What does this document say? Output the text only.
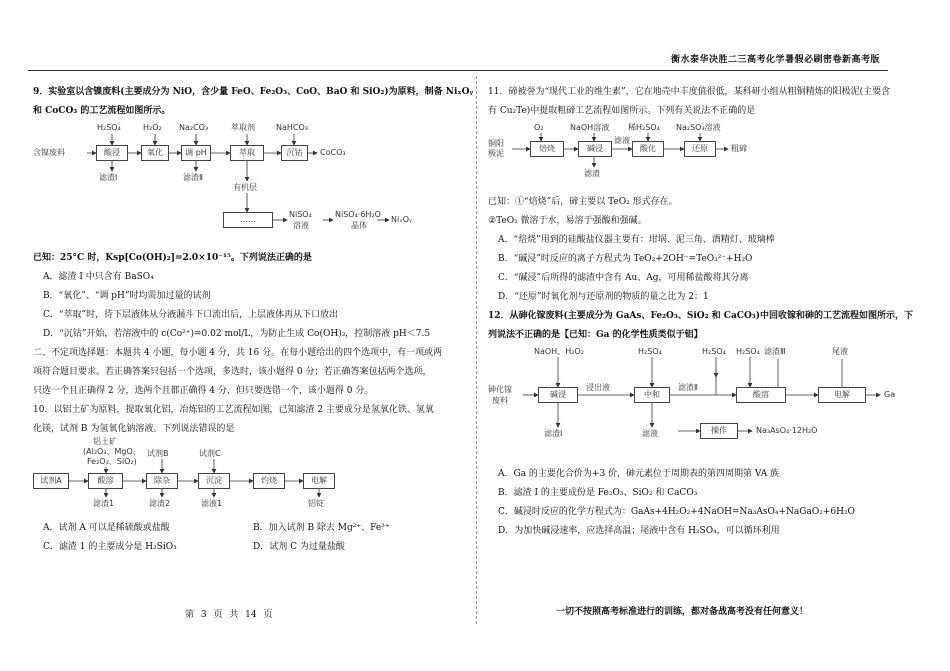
衡水泰华决胜二三高考化学暑假必刷密卷新高考版
9．实验室以含镍废料(主要成分为 NiO，含少量 FeO、Fe₂O₃、CoO、BaO 和 SiO₂)为原料，制备 NiₓOᵧ
和 CoCO₃ 的工艺流程如图所示。
含镍废料
H₂SO₄	H₂O₂ Na₂CO₃	萃取剂	NaHCO₃
酸浸	氧化	调 pH	萃取	沉钴	CoCO₃
滤渣Ⅰ	滤渣Ⅱ
有机层
……
NiSO₄
溶液
NiSO₄·6H₂O
晶体
NiₓOᵧ
已知：25°C 时，Ksp[Co(OH)₂]=2.0×10⁻¹⁵。下列说法正确的是
A．滤渣 I 中只含有 BaSO₄
B．“氧化”、“调 pH”时均需加过量的试剂
C．“萃取”时，待下层液体从分液漏斗下口流出后，上层液体再从下口放出
D．“沉钴”开始，若溶液中的 c(Co²⁺)=0.02 mol/L，为防止生成 Co(OH)₂，控制溶液 pH＜7.5
二、不定项选择题：本题共 4 小题，每小题 4 分，共 16 分。在每小题给出的四个选项中，有一项或两
项符合题目要求。若正确答案只包括一个选项，多选时，该小题得 0 分；若正确答案包括两个选项，
只选一个且正确得 2 分，选两个且都正确得 4 分，但只要选错一个，该小题得 0 分。
10．以铝土矿为原料，提取氧化铝，冶炼铝的工艺流程如图，已知滤渣 2 主要成分是氢氧化铁、氢氧
化镁，试剂 B 为氢氧化钠溶液。下列说法错误的是
铝土矿
(Al₂O₃、MgO、
Fe₂O₃、SiO₂)
试剂B	试剂C
试剂A	酸溶	除杂	沉淀	灼烧	电解
滤渣1	滤渣2	滤液1	铝锭
A．试剂 A 可以是稀硫酸或盐酸	B．加入试剂 B 除去 Mg²⁺、Fe³⁺
C．滤渣 1 的主要成分是 H₂SiO₃	D．试剂 C 为过量盐酸
第 3 页 共 14 页
11．碲被誉为“现代工业的维生素”，它在地壳中丰度值很低，某科研小组从粗铜精炼的阳极泥(主要含
有 Cu₂Te)中提取粗碲工艺流程如图所示。下列有关说法不正确的是
O₂	NaOH溶液 稀H₂SO₄ Na₂SO₃溶液
铜阳
极泥
焙烧	碱浸	酸化	还原
滤液
滤渣
粗碲
已知：①“焙烧”后，碲主要以 TeO₂ 形式存在。
②TeO₂ 微溶于水，易溶于强酸和强碱。
A．“焙烧”用到的硅酸盐仪器主要有：坩埚、泥三角、酒精灯、玻璃棒
B．“碱浸”时反应的离子方程式为 TeO₂+2OH⁻=TeO₃²⁻+H₂O
C．“碱浸”后所得的滤渣中含有 Au、Ag，可用稀盐酸将其分离
D．“还原”时氧化剂与还原剂的物质的量之比为 2：1
12．从砷化镓废料(主要成分为 GaAs、Fe₂O₃、SiO₂ 和 CaCO₃)中回收镓和砷的工艺流程如图所示，下
列说法不正确的是【已知：Ga 的化学性质类似于铝】
NaOH、H₂O₂	H₂SO₄	H₂SO₄ H₂SO₄ 滤渣Ⅲ	尾液
砷化镓
废料
碱浸
浸出液
中和
滤渣Ⅱ
酸溶	电解	Ga
滤渣Ⅰ	滤液	操作	Na₃AsO₄·12H₂O
A．Ga 的主要化合价为+3 价，砷元素位于周期表的第四周期第 VA 族
B．滤渣 I 的主要成份是 Fe₂O₃、SiO₂ 和 CaCO₃
C．碱浸时反应的化学方程式为：GaAs+4H₂O₂+4NaOH=Na₃AsO₄+NaGaO₂+6H₂O
D．为加快碱浸速率，应选择高温；尾液中含有 H₂SO₄，可以循环利用
一切不按照高考标准进行的训练，都对备战高考没有任何意义！
